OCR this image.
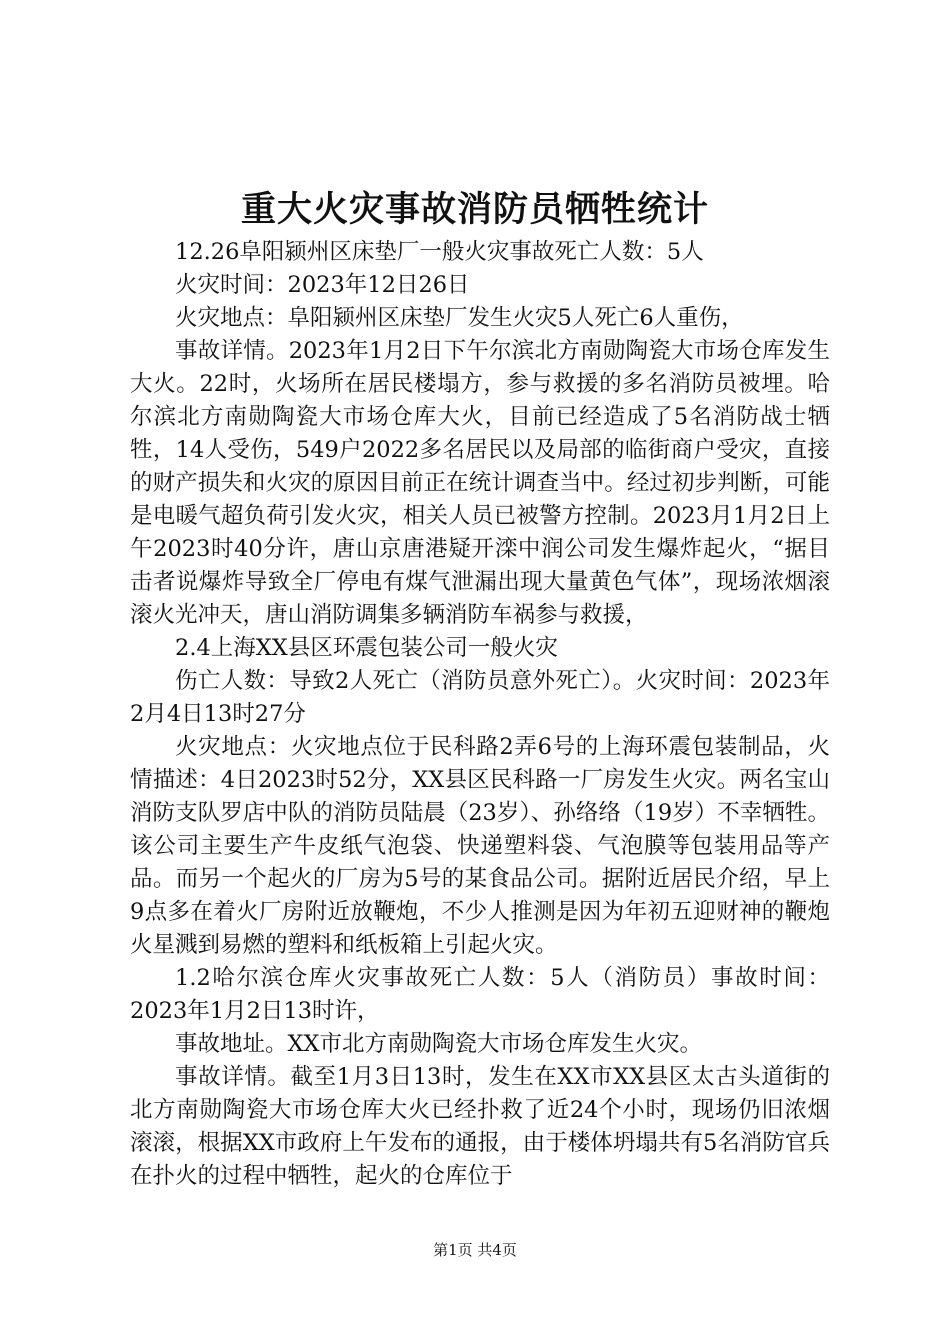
重大火灾事故消防员牺牲统计

12.26阜阳颍州区床垫厂一般火灾事故死亡人数：5人

火灾时间：2023年12日26日

火灾地点：阜阳颍州区床垫厂发生火灾5人死亡6人重伤，

事故详情。2023年1月2日下午尔滨北方南勋陶瓷大市场仓库发生大火。22时，火场所在居民楼塌方，参与救援的多名消防员被埋。哈尔滨北方南勋陶瓷大市场仓库大火，目前已经造成了5名消防战士牺牲，14人受伤，549户2022多名居民以及局部的临街商户受灾，直接的财产损失和火灾的原因目前正在统计调查当中。经过初步判断，可能是电暖气超负荷引发火灾，相关人员已被警方控制。2023月1月2日上午2023时40分许，唐山京唐港疑开滦中润公司发生爆炸起火，“据目击者说爆炸导致全厂停电有煤气泄漏出现大量黄色气体”，现场浓烟滚滚火光冲天，唐山消防调集多辆消防车祸参与救援，

2.4上海XX县区环震包装公司一般火灾

伤亡人数：导致2人死亡（消防员意外死亡）。火灾时间：2023年2月4日13时27分

火灾地点：火灾地点位于民科路2弄6号的上海环震包装制品，火情描述：4日2023时52分，XX县区民科路一厂房发生火灾。两名宝山消防支队罗店中队的消防员陆晨（23岁）、孙络络（19岁）不幸牺牲。该公司主要生产牛皮纸气泡袋、快递塑料袋、气泡膜等包装用品等产品。而另一个起火的厂房为5号的某食品公司。据附近居民介绍，早上9点多在着火厂房附近放鞭炮，不少人推测是因为年初五迎财神的鞭炮火星溅到易燃的塑料和纸板箱上引起火灾。

1.2哈尔滨仓库火灾事故死亡人数：5人（消防员）事故时间：2023年1月2日13时许，

事故地址。XX市北方南勋陶瓷大市场仓库发生火灾。

事故详情。截至1月3日13时，发生在XX市XX县区太古头道街的北方南勋陶瓷大市场仓库大火已经扑救了近24个小时，现场仍旧浓烟滚滚，根据XX市政府上午发布的通报，由于楼体坍塌共有5名消防官兵在扑火的过程中牺牲，起火的仓库位于

第1页 共4页
